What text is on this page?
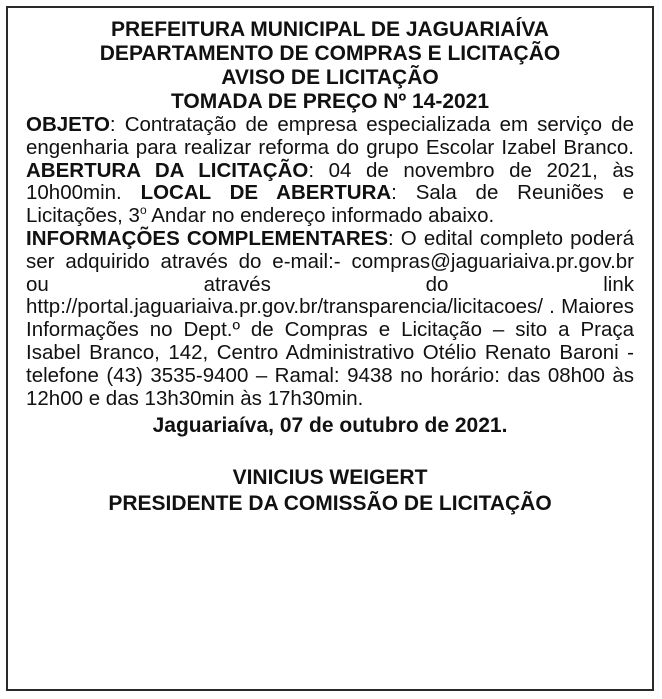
PREFEITURA MUNICIPAL DE JAGUARIAÍVA

DEPARTAMENTO DE COMPRAS E LICITAÇÃO

AVISO DE LICITAÇÃO

TOMADA DE PREÇO Nº 14-2021

OBJETO: Contratação de empresa especializada em serviço de engenharia para realizar reforma do grupo Escolar Izabel Branco. ABERTURA DA LICITAÇÃO: 04 de novembro de 2021, às 10h00min. LOCAL DE ABERTURA: Sala de Reuniões e Licitações, 3$^o$ Andar no endereço informado abaixo.

INFORMAÇÕES COMPLEMENTARES: O edital completo poderá ser adquirido através do e-mail:- compras@jaguariaiva.pr.gov.br ou através do link http://portal.jaguariaiva.pr.gov.br/transparencia/licitacoes/ . Maiores Informações no Dept.º de Compras e Licitação – sito a Praça Isabel Branco, 142, Centro Administrativo Otélio Renato Baroni - telefone (43) 3535-9400 – Ramal: 9438 no horário: das 08h00 às 12h00 e das 13h30min às 17h30min.

Jaguariaíva, 07 de outubro de 2021.

VINICIUS WEIGERT

PRESIDENTE DA COMISSÃO DE LICITAÇÃO
